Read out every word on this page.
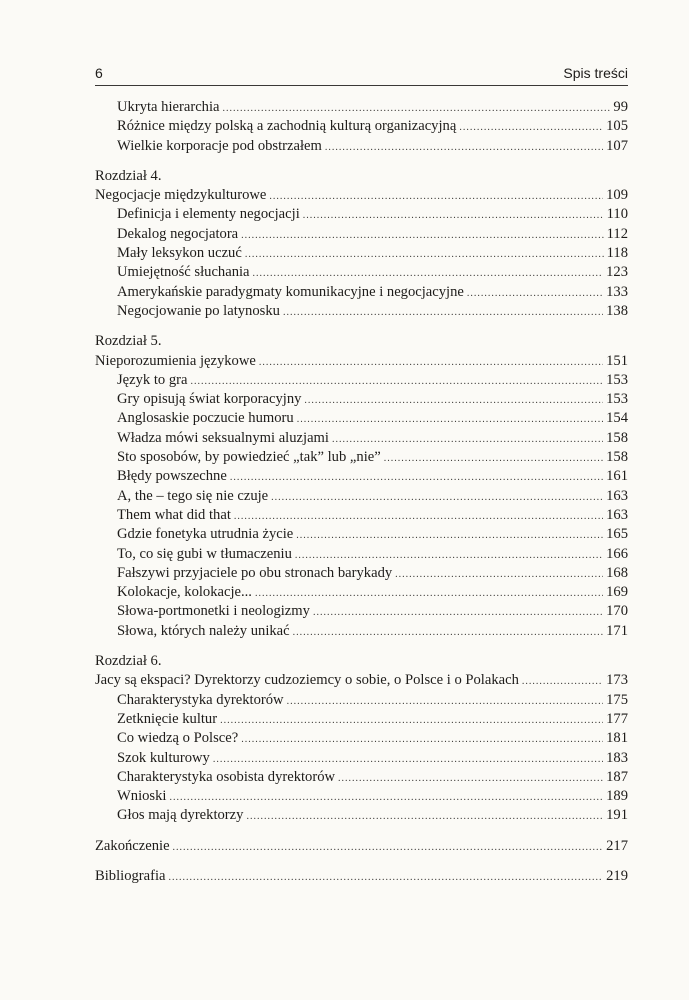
6	Spis treści
Ukryta hierarchia .....	99
Różnice między polską a zachodnią kulturą organizacyjną .....	105
Wielkie korporacje pod obstrzałem .....	107
Rozdział 4.
Negocjacje międzykulturowe .....	109
Definicja i elementy negocjacji .....	110
Dekalog negocjatora .....	112
Mały leksykon uczuć .....	118
Umiejętność słuchania .....	123
Amerykańskie paradygmaty komunikacyjne i negocjacyjne .....	133
Negocjowanie po latynosku .....	138
Rozdział 5.
Nieporozumienia językowe .....	151
Język to gra .....	153
Gry opisują świat korporacyjny .....	153
Anglosaskie poczucie humoru .....	154
Władza mówi seksualnymi aluzjami .....	158
Sto sposobów, by powiedzieć „tak” lub „nie” .....	158
Błędy powszechne .....	161
A, the – tego się nie czuje .....	163
Them what did that .....	163
Gdzie fonetyka utrudnia życie .....	165
To, co się gubi w tłumaczeniu .....	166
Fałszywi przyjaciele po obu stronach barykady .....	168
Kolokacje, kolokacje... .....	169
Słowa-portmonetki i neologizmy .....	170
Słowa, których należy unikać .....	171
Rozdział 6.
Jacy są ekspaci? Dyrektorzy cudzoziemcy o sobie, o Polsce i o Polakach .....	173
Charakterystyka dyrektorów .....	175
Zetknięcie kultur .....	177
Co wiedzą o Polsce? .....	181
Szok kulturowy .....	183
Charakterystyka osobista dyrektorów .....	187
Wnioski .....	189
Głos mają dyrektorzy .....	191
Zakończenie .....	217
Bibliografia .....	219
